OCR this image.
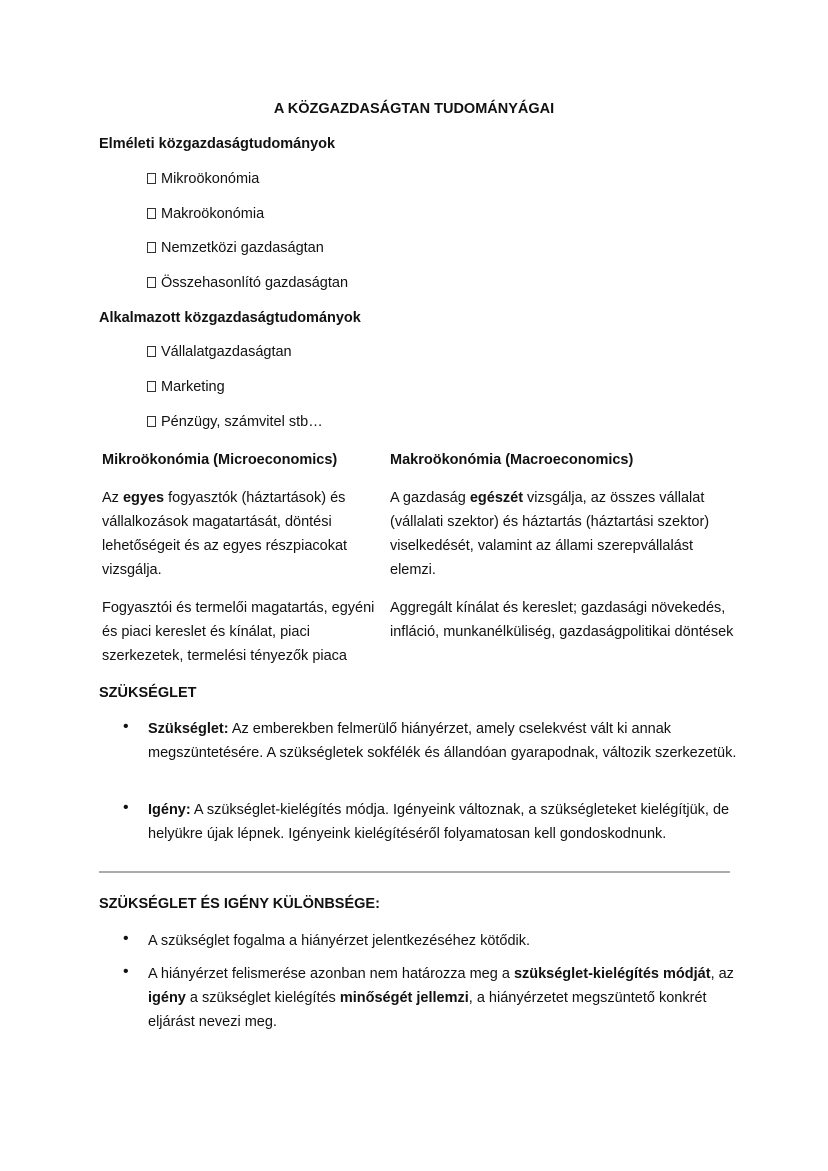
A KÖZGAZDASÁGTAN TUDOMÁNYÁGAI
Elméleti közgazdaságtudományok
Mikroökonómia
Makroökonómia
Nemzetközi gazdaságtan
Összehasonlító gazdaságtan
Alkalmazott közgazdaságtudományok
Vállalatgazdaságtan
Marketing
Pénzügy, számvitel stb…
Mikroökonómia (Microeconomics)	Makroökonómia (Macroeconomics)
Az egyes fogyasztók (háztartások) és vállalkozások magatartását, döntési lehetőségeit és az egyes részpiacokat vizsgálja.
A gazdaság egészét vizsgálja, az összes vállalat (vállalati szektor) és háztartás (háztartási szektor) viselkedését, valamint az állami szerepvállalást elemzi.
Fogyasztói és termelői magatartás, egyéni és piaci kereslet és kínálat, piaci szerkezetek, termelési tényezők piaca
Aggregált kínálat és kereslet; gazdasági növekedés, infláció, munkanélküliség, gazdaságpolitikai döntések
SZÜKSÉGLET
• Szükséglet: Az emberekben felmerülő hiányérzet, amely cselekvést vált ki annak megszüntetésére. A szükségletek sokfélék és állandóan gyarapodnak, változik szerkezetük.
• Igény: A szükséglet-kielégítés módja. Igényeink változnak, a szükségleteket kielégítjük, de helyükre újak lépnek. Igényeink kielégítéséről folyamatosan kell gondoskodnunk.
SZÜKSÉGLET ÉS IGÉNY KÜLÖNBSÉGE:
• A szükséglet fogalma a hiányérzet jelentkezéséhez kötődik.
• A hiányérzet felismerése azonban nem határozza meg a szükséglet-kielégítés módját, az igény a szükséglet kielégítés minőségét jellemzi, a hiányérzetet megszüntető konkrét eljárást nevezi meg.
